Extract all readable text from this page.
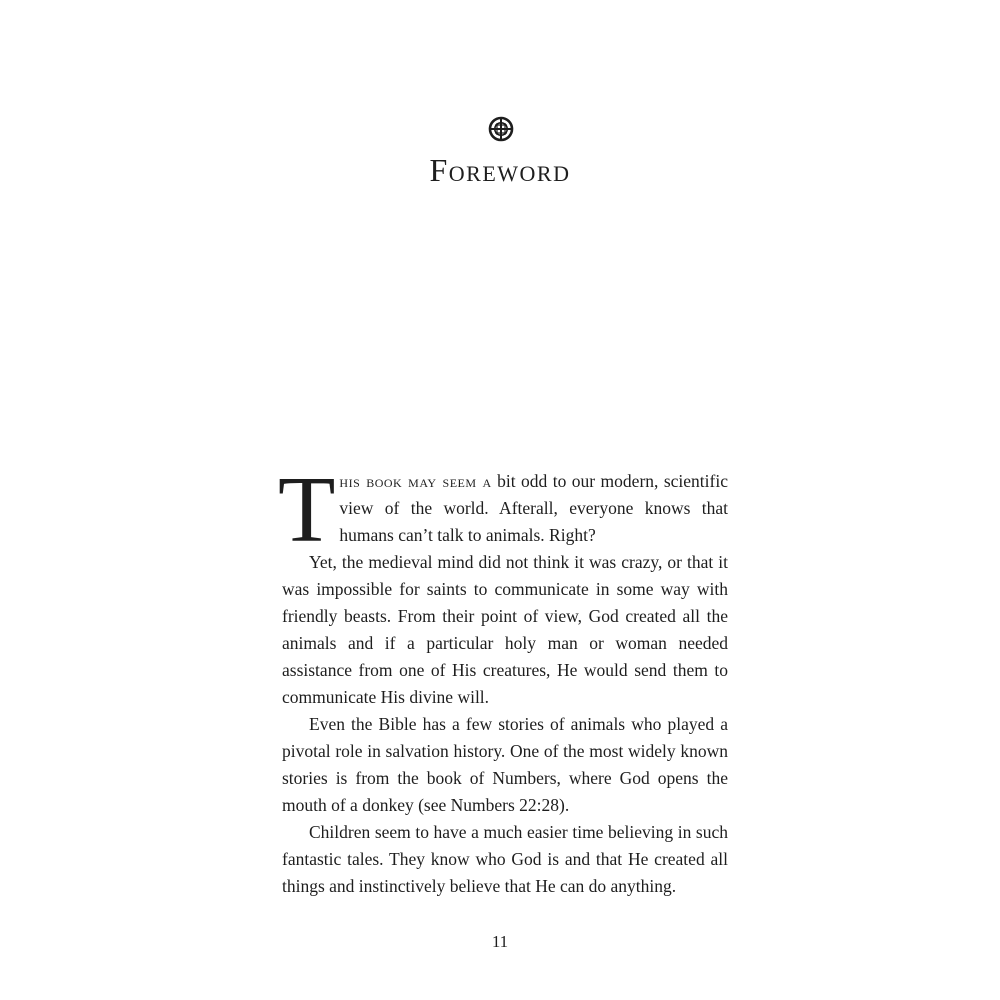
Foreword

This book may seem a bit odd to our modern, scientific view of the world. Afterall, everyone knows that humans can’t talk to animals. Right?

Yet, the medieval mind did not think it was crazy, or that it was impossible for saints to communicate in some way with friendly beasts. From their point of view, God created all the animals and if a particular holy man or woman needed assistance from one of His creatures, He would send them to communicate His divine will.

Even the Bible has a few stories of animals who played a pivotal role in salvation history. One of the most widely known stories is from the book of Numbers, where God opens the mouth of a donkey (see Numbers 22:28).

Children seem to have a much easier time believing in such fantastic tales. They know who God is and that He created all things and instinctively believe that He can do anything.

11
